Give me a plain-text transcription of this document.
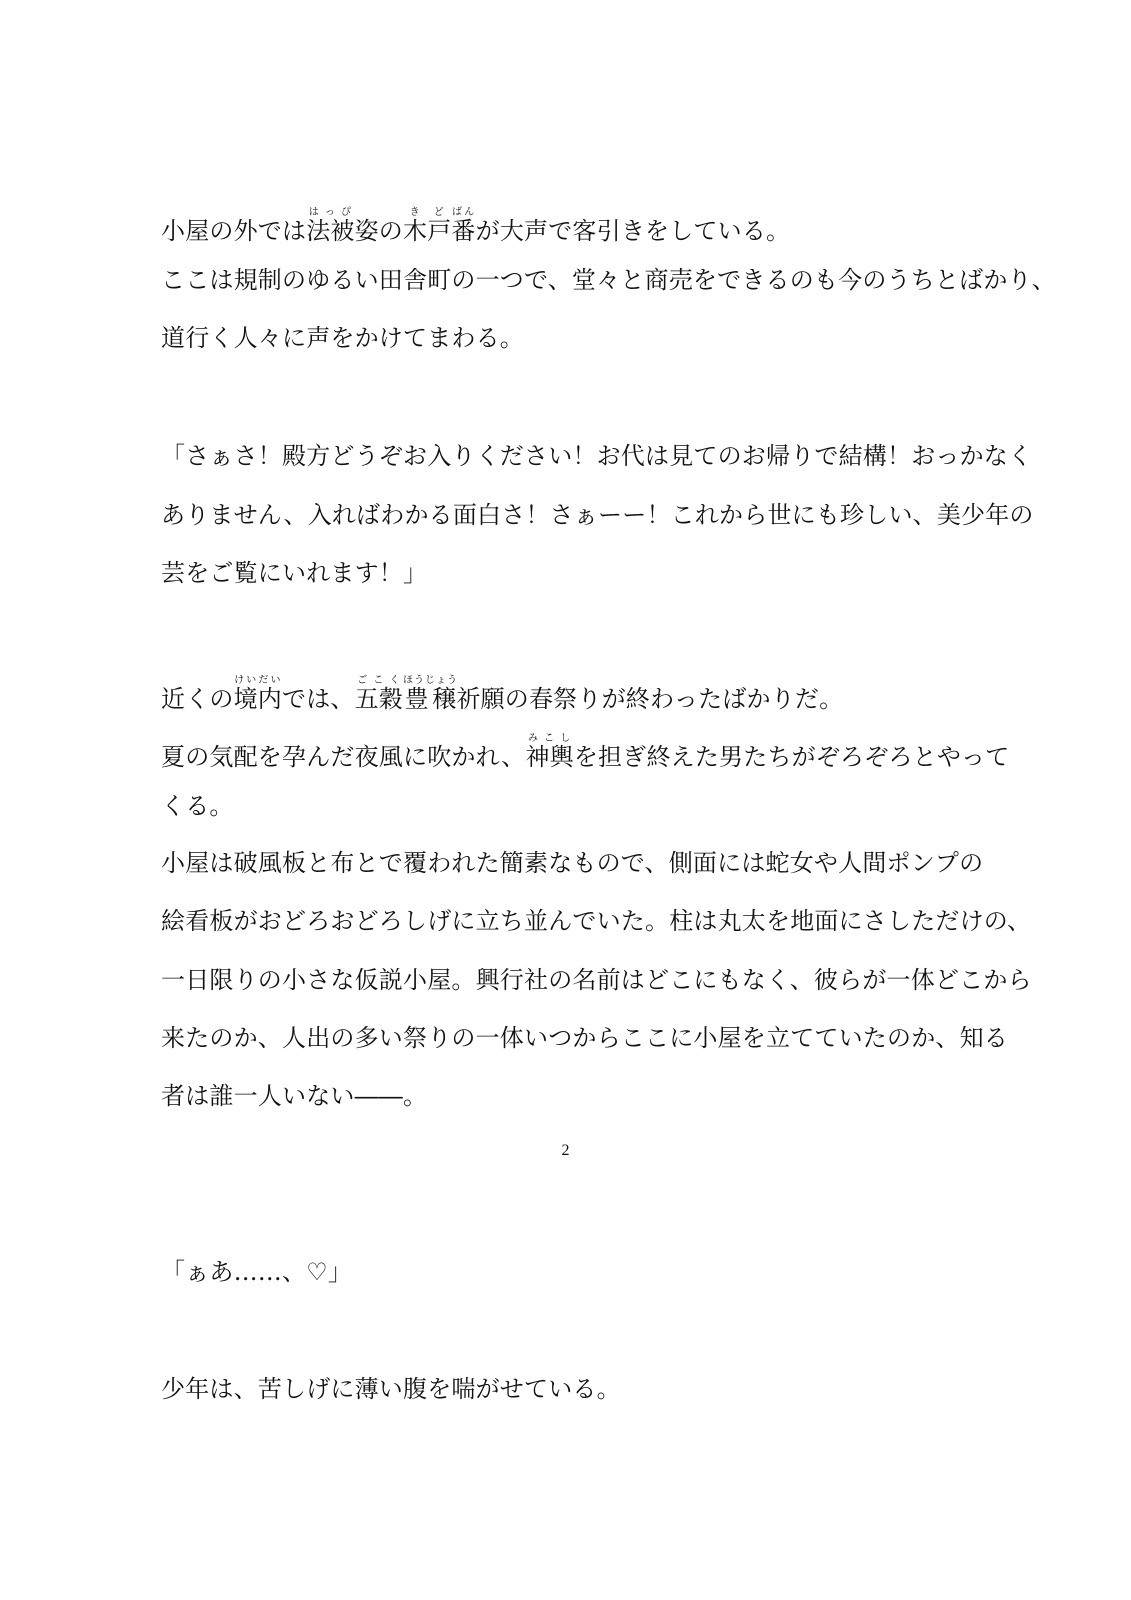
小屋の外では法被はっぴ姿の木戸きど番ばんが大声で客引きをしている。
ここは規制のゆるい田舎町の一つで、堂々と商売をできるのも今のうちとばかり、
道行く人々に声をかけてまわる。
「さぁさ！殿方どうぞお入りください！お代は見てのお帰りで結構！おっかなく
ありません、入ればわかる面白さ！さぁーー！これから世にも珍しい、美少年の
芸をご覧にいれます！」
近くの境内けいだいでは、五穀ごこく豊穣ほうじょう祈願の春祭りが終わったばかりだ。
夏の気配を孕んだ夜風に吹かれ、神輿みこしを担ぎ終えた男たちがぞろぞろとやって
くる。
小屋は破風板と布とで覆われた簡素なもので、側面には蛇女や人間ポンプの
絵看板がおどろおどろしげに立ち並んでいた。柱は丸太を地面にさしただけの、
一日限りの小さな仮説小屋。興行社の名前はどこにもなく、彼らが一体どこから
来たのか、人出の多い祭りの一体いつからここに小屋を立てていたのか、知る
者は誰一人いない――。
「ぁあ……、♡」
少年は、苦しげに薄い腹を喘がせている。
2
